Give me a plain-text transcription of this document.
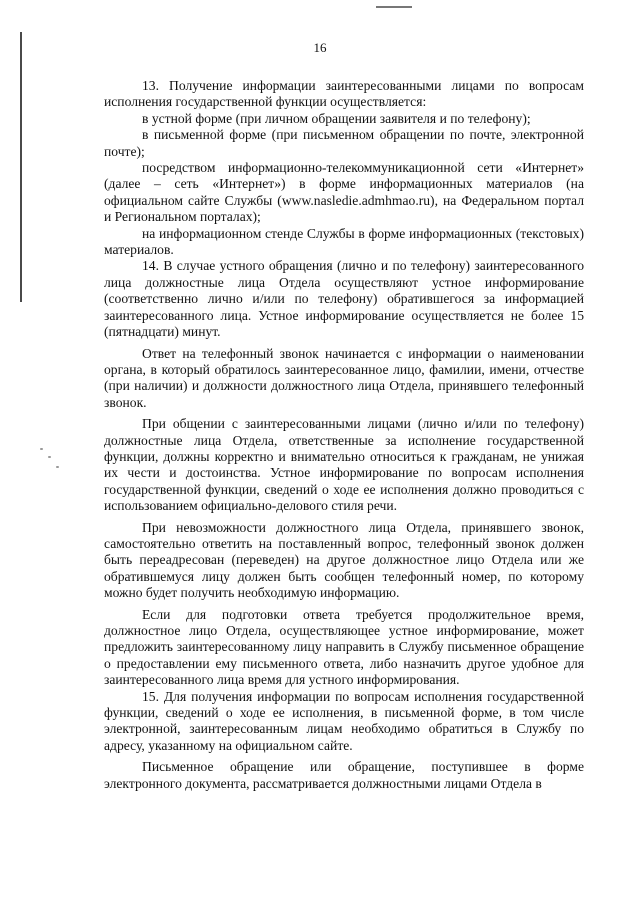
16

13. Получение информации заинтересованными лицами по вопросам исполнения государственной функции осуществляется:

в устной форме (при личном обращении заявителя и по телефону);

в письменной форме (при письменном обращении по почте, электронной почте);

посредством информационно-телекоммуникационной сети «Интернет» (далее – сеть «Интернет») в форме информационных материалов (на официальном сайте Службы (www.nasledie.admhmao.ru), на Федеральном портал и Региональном порталах);

на информационном стенде Службы в форме информационных (текстовых) материалов.

14. В случае устного обращения (лично и по телефону) заинтересованного лица должностные лица Отдела осуществляют устное информирование (соответственно лично и/или по телефону) обратившегося за информацией заинтересованного лица. Устное информирование осуществляется не более 15 (пятнадцати) минут.

Ответ на телефонный звонок начинается с информации о наименовании органа, в который обратилось заинтересованное лицо, фамилии, имени, отчестве (при наличии) и должности должностного лица Отдела, принявшего телефонный звонок.

При общении с заинтересованными лицами (лично и/или по телефону) должностные лица Отдела, ответственные за исполнение государственной функции, должны корректно и внимательно относиться к гражданам, не унижая их чести и достоинства. Устное информирование по вопросам исполнения государственной функции, сведений о ходе ее исполнения должно проводиться с использованием официально-делового стиля речи.

При невозможности должностного лица Отдела, принявшего звонок, самостоятельно ответить на поставленный вопрос, телефонный звонок должен быть переадресован (переведен) на другое должностное лицо Отдела или же обратившемуся лицу должен быть сообщен телефонный номер, по которому можно будет получить необходимую информацию.

Если для подготовки ответа требуется продолжительное время, должностное лицо Отдела, осуществляющее устное информирование, может предложить заинтересованному лицу направить в Службу письменное обращение о предоставлении ему письменного ответа, либо назначить другое удобное для заинтересованного лица время для устного информирования.

15. Для получения информации по вопросам исполнения государственной функции, сведений о ходе ее исполнения, в письменной форме, в том числе электронной, заинтересованным лицам необходимо обратиться в Службу по адресу, указанному на официальном сайте.

Письменное обращение или обращение, поступившее в форме электронного документа, рассматривается должностными лицами Отдела в
